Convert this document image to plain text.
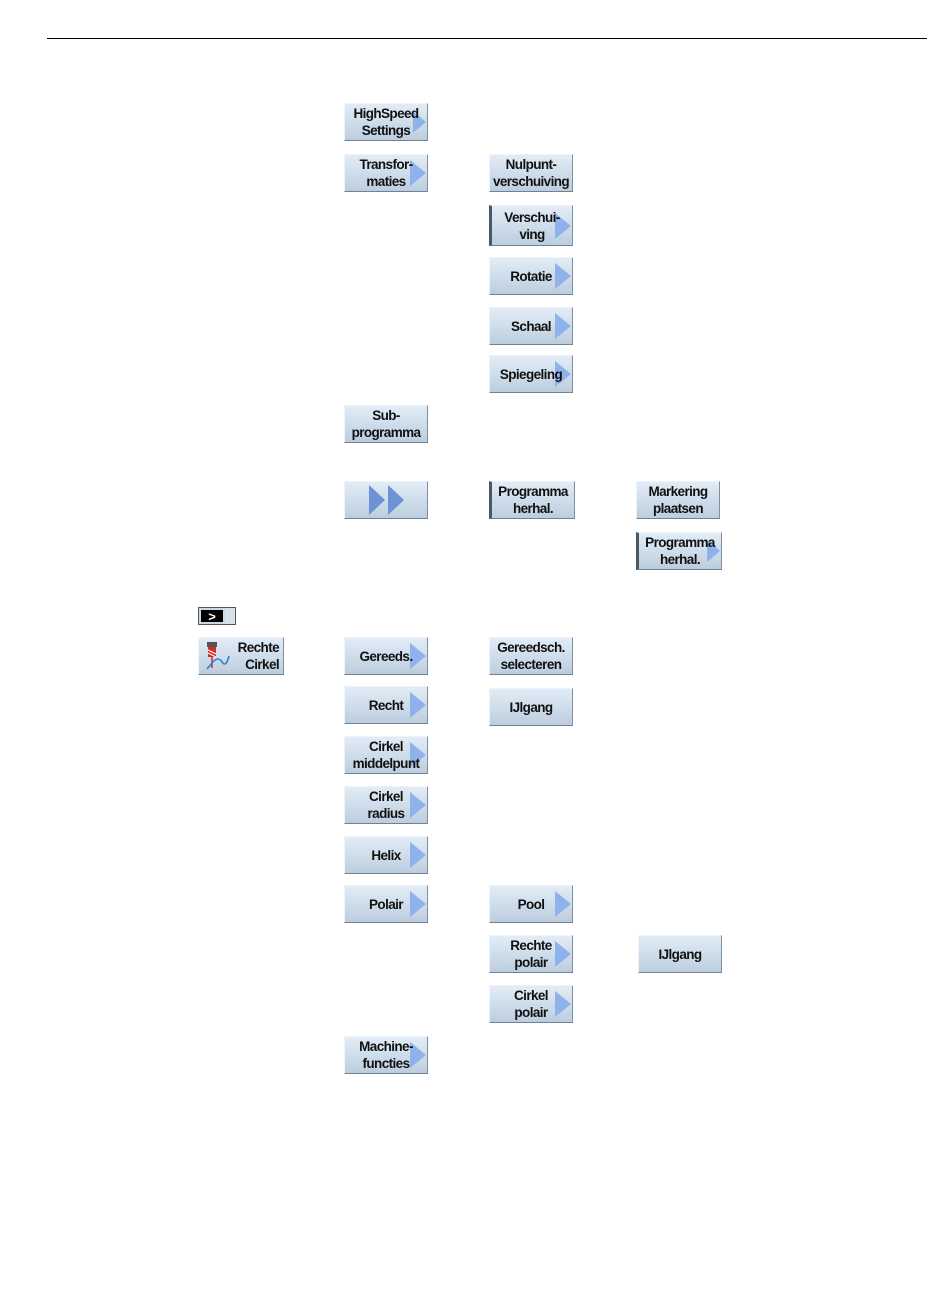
HighSpeed
Settings
Transfor-
maties
Sub-
programma
Nulpunt-
verschuiving
Verschui-
ving
Rotatie
Schaal
Spiegeling
Programma
herhal.
Markering
plaatsen
Programma
herhal.
>
Rechte
Cirkel
Gereeds.
Recht
Cirkel
middelpunt
Cirkel
radius
Helix
Polair
Machine-
functies
Gereedsch.
selecteren
IJlgang
Pool
Rechte
polair
Cirkel
polair
IJlgang
